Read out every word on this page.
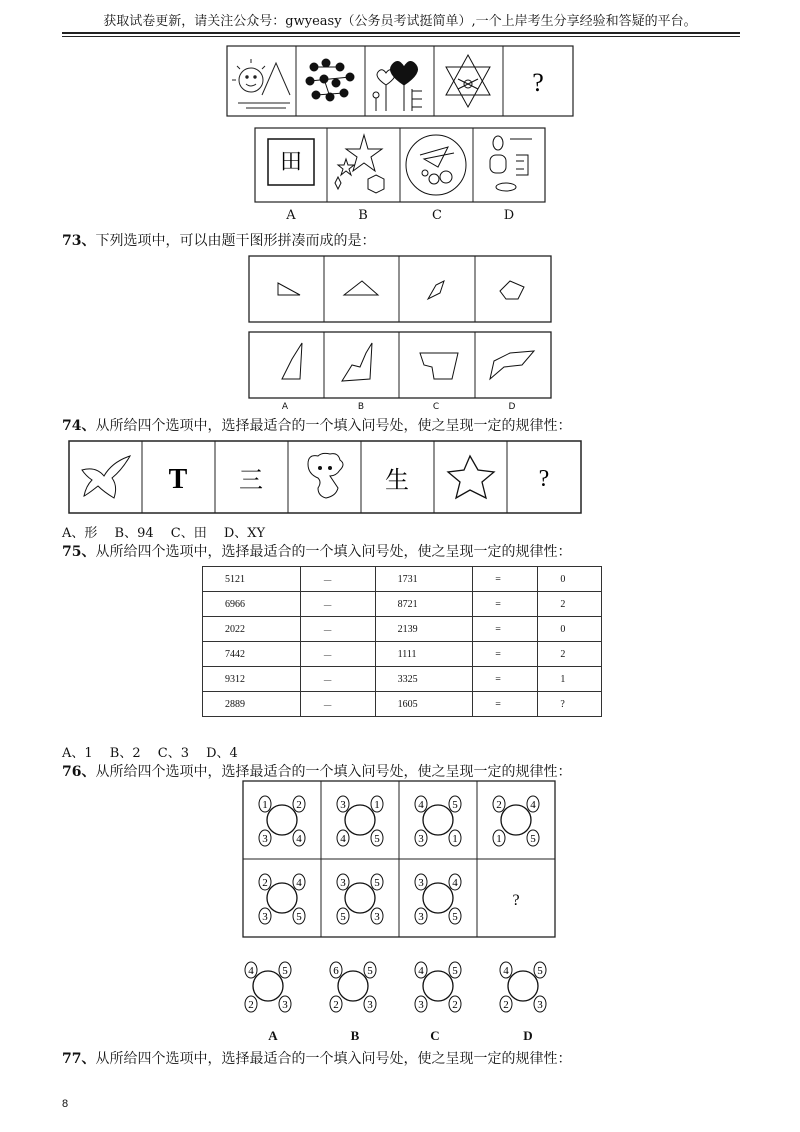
获取试卷更新，请关注公众号：gwyeasy（公务员考试挺简单）,一个上岸考生分享经验和答疑的平台。
?
田
A	B	C	D
73、下列选项中，可以由题干图形拼凑而成的是：
A	B	C	D
74、从所给四个选项中，选择最适合的一个填入问号处，使之呈现一定的规律性：
T 三	生	?
A、形　 B、94　 C、田　 D、XY
75、从所给四个选项中，选择最适合的一个填入问号处，使之呈现一定的规律性：
5121	－	1731	=	0
6966	－	8721	=	2
2022	－	2139	=	0
7442	－	1111	=	2
9312	－	3325	=	1
2889	－	1605	=	?
A、1　 B、2　 C、3　 D、4
76、从所给四个选项中，选择最适合的一个填入问号处，使之呈现一定的规律性：
?
1	2
3	4
3	1
4	5
4	5
3	1
2	4
1	5
2	4
3	5
3	5
5	3
3	4
3	5
4	5
2	3
6	5
2	3
4	5
3	2
4	5
2	3
A	B	C	D
77、从所给四个选项中，选择最适合的一个填入问号处，使之呈现一定的规律性：
8
